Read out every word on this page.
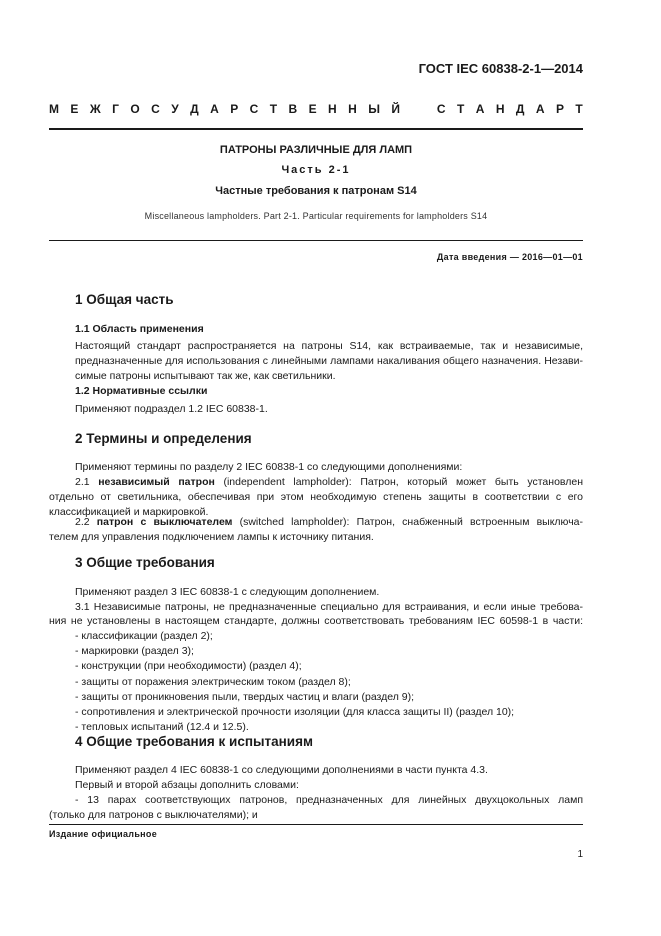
ГОСТ IEC 60838-2-1—2014
М Е Ж Г О С У Д А Р С Т В Е Н Н Ы Й	С Т А Н Д А Р Т
ПАТРОНЫ РАЗЛИЧНЫЕ ДЛЯ ЛАМП
Часть 2-1
Частные требования к патронам S14
Miscellaneous lampholders. Part 2-1. Particular requirements for lampholders S14
Дата введения — 2016—01—01
1 Общая часть
1.1 Область применения
Настоящий стандарт распространяется на патроны S14, как встраиваемые, так и независимые,
предназначенные для использования с линейными лампами накаливания общего назначения. Незави-
симые патроны испытывают так же, как светильники.
1.2 Нормативные ссылки
Применяют подраздел 1.2 IEC 60838-1.
2 Термины и определения
Применяют термины по разделу 2 IEC 60838-1 со следующими дополнениями:
2.1 независимый патрон (independent lampholder): Патрон, который может быть установлен
отдельно от светильника, обеспечивая при этом необходимую степень защиты в соответствии с его
классификацией и маркировкой.
2.2 патрон с выключателем (switched lampholder): Патрон, снабженный встроенным выключа-
телем для управления подключением лампы к источнику питания.
3 Общие требования
Применяют раздел 3 IEC 60838-1 с следующим дополнением.
3.1 Независимые патроны, не предназначенные специально для встраивания, и если иные требова-
ния не установлены в настоящем стандарте, должны соответствовать требованиям IEC 60598-1 в части:
- классификации (раздел 2);
- маркировки (раздел 3);
- конструкции (при необходимости) (раздел 4);
- защиты от поражения электрическим током (раздел 8);
- защиты от проникновения пыли, твердых частиц и влаги (раздел 9);
- сопротивления и электрической прочности изоляции (для класса защиты II) (раздел 10);
- тепловых испытаний (12.4 и 12.5).
4 Общие требования к испытаниям
Применяют раздел 4 IEC 60838-1 со следующими дополнениями в части пункта 4.3.
Первый и второй абзацы дополнить словами:
- 13 парах соответствующих патронов, предназначенных для линейных двухцокольных ламп
(только для патронов с выключателями); и
Издание официальное
1
